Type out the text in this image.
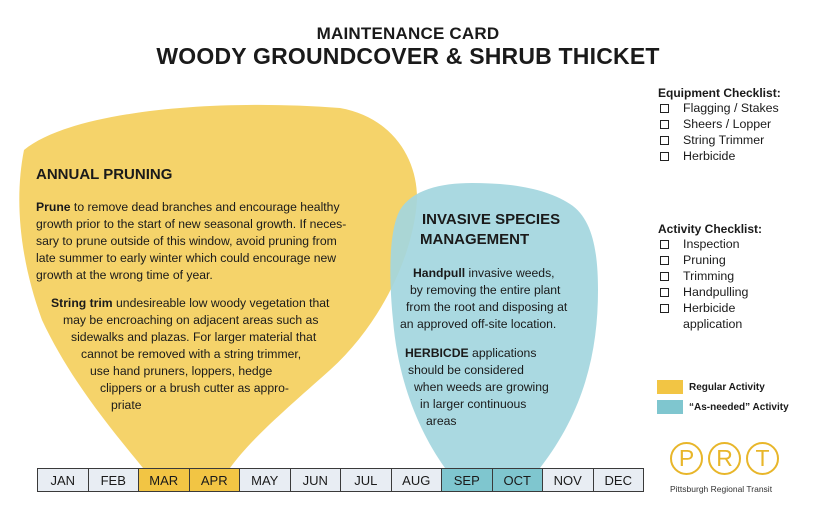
MAINTENANCE CARD
WOODY GROUNDCOVER & SHRUB THICKET
ANNUAL PRUNING
Prune to remove dead branches and encourage healthy
growth prior to the start of new seasonal growth. If neces-
sary to prune outside of this window, avoid pruning from
late summer to early winter which could encourage new
growth at the wrong time of year.
String trim undesireable low woody vegetation that
may be encroaching on adjacent areas such as
sidewalks and plazas. For larger material that
cannot be removed with a string trimmer,
use hand pruners, loppers, hedge
clippers or a brush cutter as appro-
priate
INVASIVE SPECIES
MANAGEMENT
Handpull invasive weeds,
by removing the entire plant
from the root and disposing at
an approved off-site location.
HERBICDE applications
should be considered
when weeds are growing
in larger continuous
areas
Equipment Checklist:
Flagging / Stakes
Sheers / Lopper
String Trimmer
Herbicide
Activity Checklist:
Inspection
Pruning
Trimming
Handpulling
Herbicide
application
Regular Activity
“As-needed” Activity
JAN	FEB	MAR	APR	MAY	JUN	JUL	AUG	SEP	OCT	NOV	DEC
P R T
Pittsburgh Regional Transit
